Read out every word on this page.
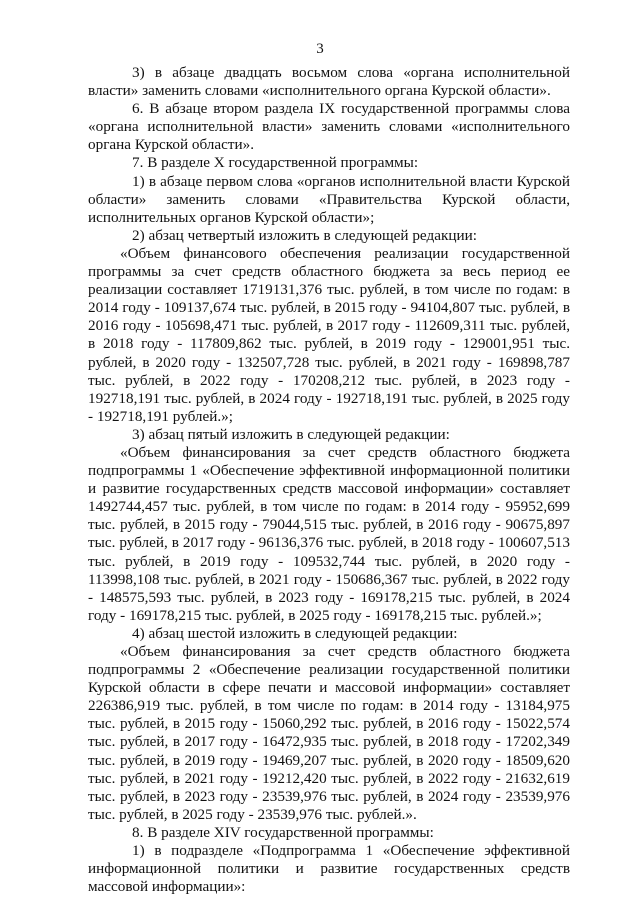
3

3) в абзаце двадцать восьмом слова «органа исполнительной власти» заменить словами «исполнительного органа Курской области».

6. В абзаце втором раздела IX государственной программы слова «органа исполнительной власти» заменить словами «исполнительного органа Курской области».

7. В разделе X государственной программы:

1) в абзаце первом слова «органов исполнительной власти Курской области» заменить словами «Правительства Курской области, исполнительных органов Курской области»;

2) абзац четвертый изложить в следующей редакции:

«Объем финансового обеспечения реализации государственной программы за счет средств областного бюджета за весь период ее реализации составляет 1719131,376 тыс. рублей, в том числе по годам: в 2014 году - 109137,674 тыс. рублей, в 2015 году - 94104,807 тыс. рублей, в 2016 году - 105698,471 тыс. рублей, в 2017 году - 112609,311 тыс. рублей, в 2018 году - 117809,862 тыс. рублей, в 2019 году - 129001,951 тыс. рублей, в 2020 году - 132507,728 тыс. рублей, в 2021 году - 169898,787 тыс. рублей, в 2022 году - 170208,212 тыс. рублей, в 2023 году - 192718,191 тыс. рублей, в 2024 году - 192718,191 тыс. рублей, в 2025 году - 192718,191 рублей.»;

3) абзац пятый изложить в следующей редакции:

«Объем финансирования за счет средств областного бюджета подпрограммы 1 «Обеспечение эффективной информационной политики и развитие государственных средств массовой информации» составляет 1492744,457 тыс. рублей, в том числе по годам: в 2014 году - 95952,699 тыс. рублей, в 2015 году - 79044,515 тыс. рублей, в 2016 году - 90675,897 тыс. рублей, в 2017 году - 96136,376 тыс. рублей, в 2018 году - 100607,513 тыс. рублей, в 2019 году - 109532,744 тыс. рублей, в 2020 году - 113998,108 тыс. рублей, в 2021 году - 150686,367 тыс. рублей, в 2022 году - 148575,593 тыс. рублей, в 2023 году - 169178,215 тыс. рублей, в 2024 году - 169178,215 тыс. рублей, в 2025 году - 169178,215 тыс. рублей.»;

4) абзац шестой изложить в следующей редакции:

«Объем финансирования за счет средств областного бюджета подпрограммы 2 «Обеспечение реализации государственной политики Курской области в сфере печати и массовой информации» составляет 226386,919 тыс. рублей, в том числе по годам: в 2014 году - 13184,975 тыс. рублей, в 2015 году - 15060,292 тыс. рублей, в 2016 году - 15022,574 тыс. рублей, в 2017 году - 16472,935 тыс. рублей, в 2018 году - 17202,349 тыс. рублей, в 2019 году - 19469,207 тыс. рублей, в 2020 году - 18509,620 тыс. рублей, в 2021 году - 19212,420 тыс. рублей, в 2022 году - 21632,619 тыс. рублей, в 2023 году - 23539,976 тыс. рублей, в 2024 году - 23539,976 тыс. рублей, в 2025 году - 23539,976 тыс. рублей.».

8. В разделе XIV государственной программы:

1) в подразделе «Подпрограмма 1 «Обеспечение эффективной информационной политики и развитие государственных средств массовой информации»:
